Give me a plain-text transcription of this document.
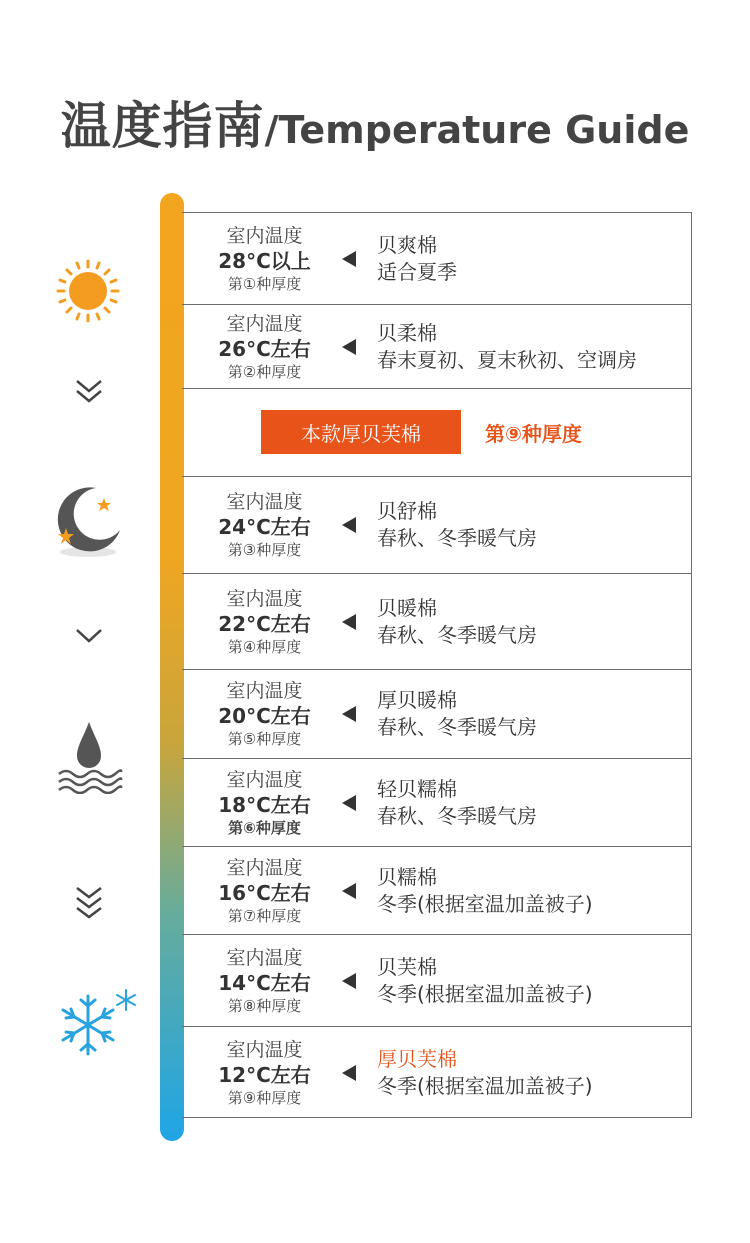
温度指南/Temperature Guide
室内温度
28°C以上
第①种厚度
贝爽棉
适合夏季
室内温度
26°C左右
第②种厚度
贝柔棉
春末夏初、夏末秋初、空调房
本款厚贝芙棉	第⑨种厚度
室内温度
24°C左右
第③种厚度
贝舒棉
春秋、冬季暖气房
室内温度
22°C左右
第④种厚度
贝暖棉
春秋、冬季暖气房
室内温度
20°C左右
第⑤种厚度
厚贝暖棉
春秋、冬季暖气房
室内温度
18°C左右
第⑥种厚度
轻贝糯棉
春秋、冬季暖气房
室内温度
16°C左右
第⑦种厚度
贝糯棉
冬季(根据室温加盖被子)
室内温度
14°C左右
第⑧种厚度
贝芙棉
冬季(根据室温加盖被子)
室内温度
12°C左右
第⑨种厚度
厚贝芙棉
冬季(根据室温加盖被子)
